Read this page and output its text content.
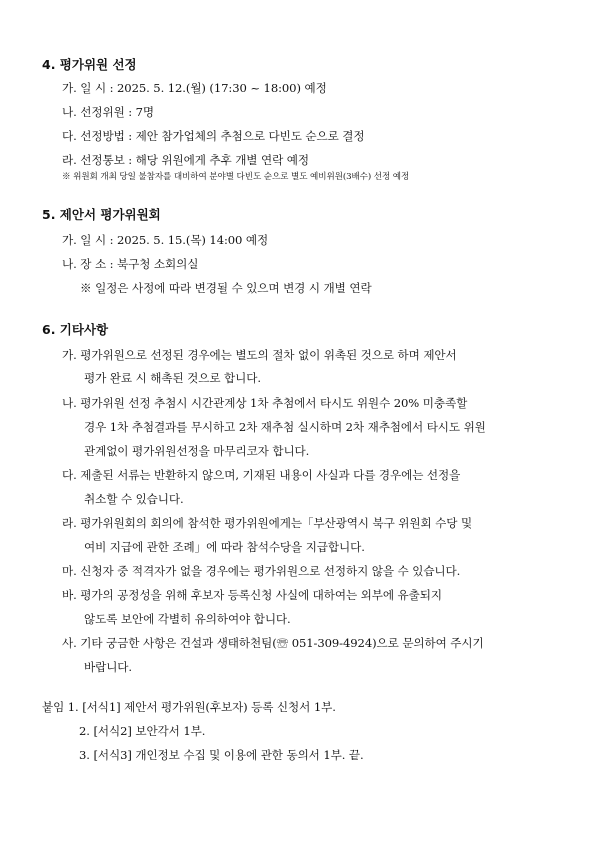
4. 평가위원 선정
가. 일 시 : 2025. 5. 12.(월) (17:30 ~ 18:00) 예정
나. 선정위원 : 7명
다. 선정방법 : 제안 참가업체의 추첨으로 다빈도 순으로 결정
라. 선정통보 : 해당 위원에게 추후 개별 연락 예정
※ 위원회 개최 당일 불참자를 대비하여 분야별 다빈도 순으로 별도 예비위원(3배수) 선정 예정
5. 제안서 평가위원회
가. 일 시 : 2025. 5. 15.(목) 14:00 예정
나. 장 소 : 북구청 소회의실
※ 일정은 사정에 따라 변경될 수 있으며 변경 시 개별 연락
6. 기타사항
가. 평가위원으로 선정된 경우에는 별도의 절차 없이 위촉된 것으로 하며 제안서
평가 완료 시 해촉된 것으로 합니다.
나. 평가위원 선정 추첨시 시간관계상 1차 추첨에서 타시도 위원수 20% 미충족할
경우 1차 추첨결과를 무시하고 2차 재추첨 실시하며 2차 재추첨에서 타시도 위원
관계없이 평가위원선정을 마무리코자 합니다.
다. 제출된 서류는 반환하지 않으며, 기재된 내용이 사실과 다를 경우에는 선정을
취소할 수 있습니다.
라. 평가위원회의 회의에 참석한 평가위원에게는「부산광역시 북구 위원회 수당 및
여비 지급에 관한 조례」에 따라 참석수당을 지급합니다.
마. 신청자 중 적격자가 없을 경우에는 평가위원으로 선정하지 않을 수 있습니다.
바. 평가의 공정성을 위해 후보자 등록신청 사실에 대하여는 외부에 유출되지
않도록 보안에 각별히 유의하여야 합니다.
사. 기타 궁금한 사항은 건설과 생태하천팀(☏ 051-309-4924)으로 문의하여 주시기
바랍니다.
붙임 1. [서식1] 제안서 평가위원(후보자) 등록 신청서 1부.
2. [서식2] 보안각서 1부.
3. [서식3] 개인정보 수집 및 이용에 관한 동의서 1부. 끝.
